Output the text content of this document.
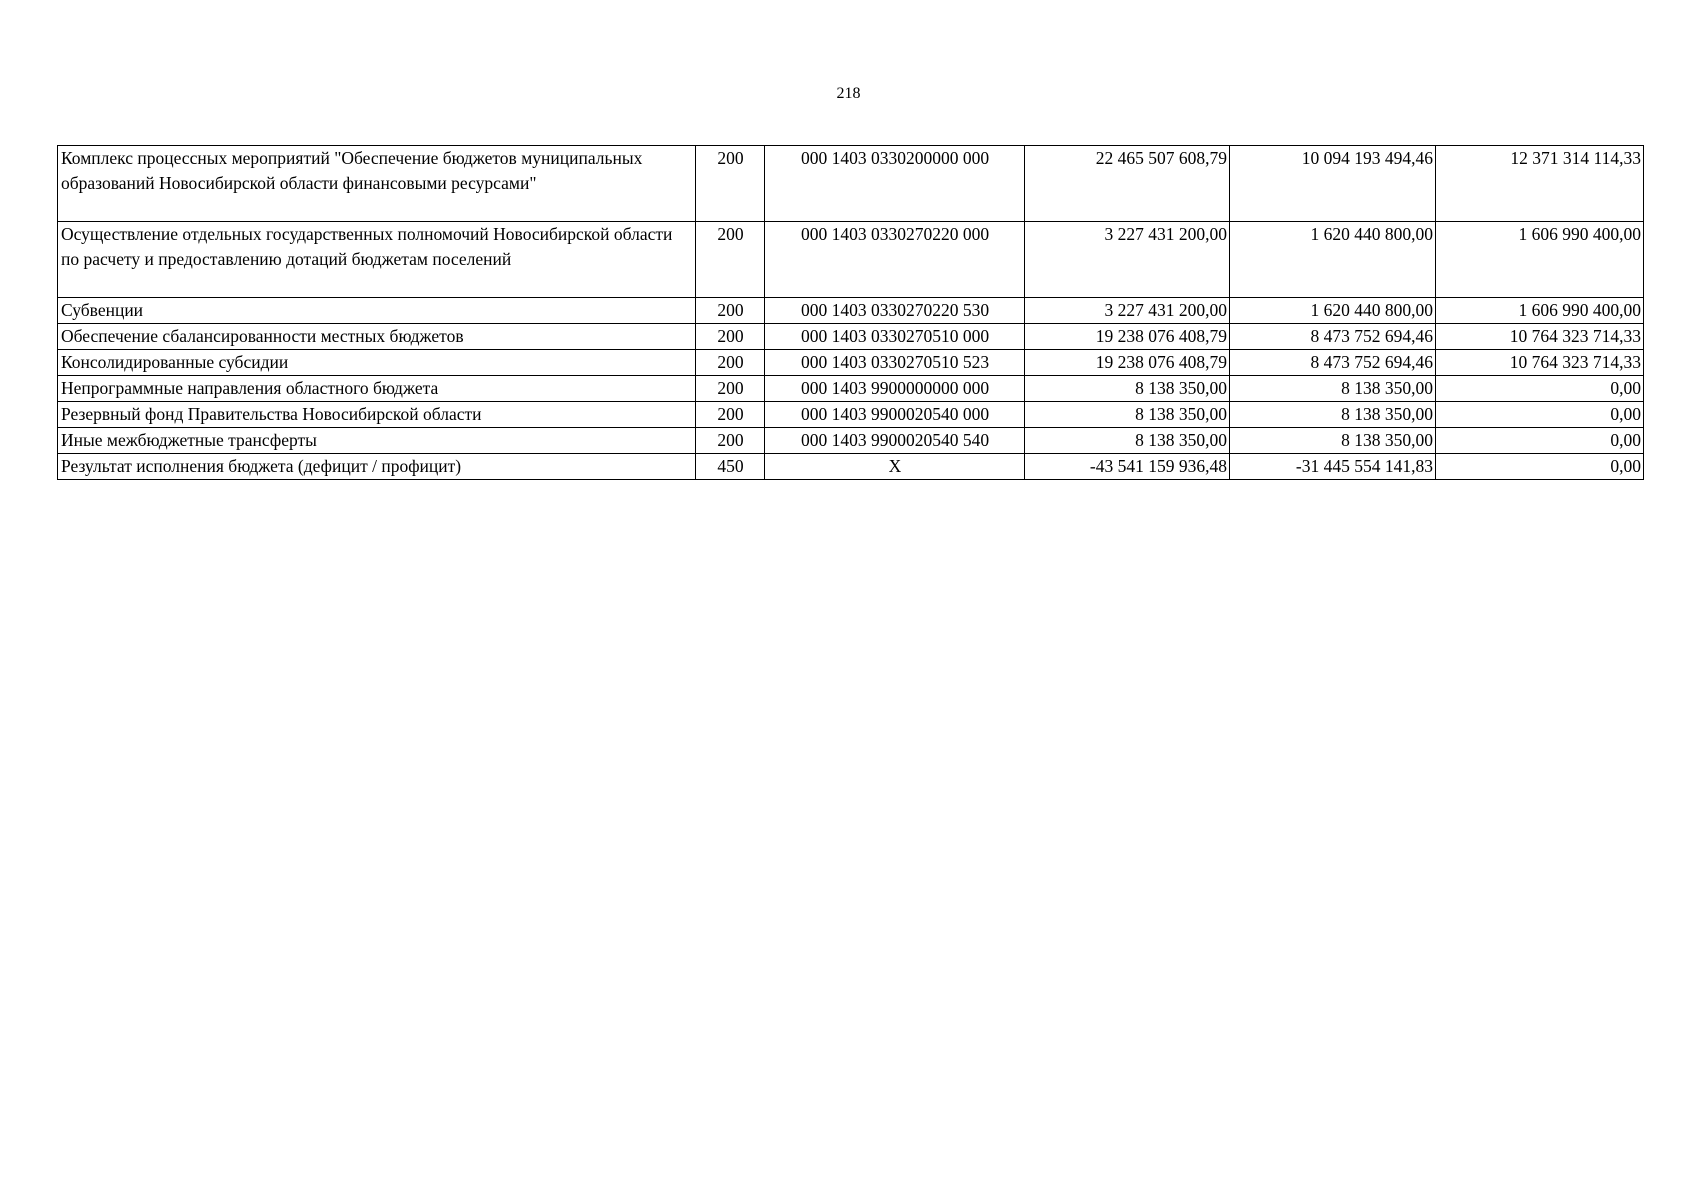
218
Комплекс процессных мероприятий "Обеспечение бюджетов муниципальных образований Новосибирской области финансовыми ресурсами"	200	000 1403 0330200000 000	22 465 507 608,79	10 094 193 494,46	12 371 314 114,33
Осуществление отдельных государственных полномочий Новосибирской области по расчету и предоставлению дотаций бюджетам поселений	200	000 1403 0330270220 000	3 227 431 200,00	1 620 440 800,00	1 606 990 400,00
Субвенции	200	000 1403 0330270220 530	3 227 431 200,00	1 620 440 800,00	1 606 990 400,00
Обеспечение сбалансированности местных бюджетов	200	000 1403 0330270510 000	19 238 076 408,79	8 473 752 694,46	10 764 323 714,33
Консолидированные субсидии	200	000 1403 0330270510 523	19 238 076 408,79	8 473 752 694,46	10 764 323 714,33
Непрограммные направления областного бюджета	200	000 1403 9900000000 000	8 138 350,00	8 138 350,00	0,00
Резервный фонд Правительства Новосибирской области	200	000 1403 9900020540 000	8 138 350,00	8 138 350,00	0,00
Иные межбюджетные трансферты	200	000 1403 9900020540 540	8 138 350,00	8 138 350,00	0,00
Результат исполнения бюджета (дефицит / профицит)	450	X	-43 541 159 936,48	-31 445 554 141,83	0,00
